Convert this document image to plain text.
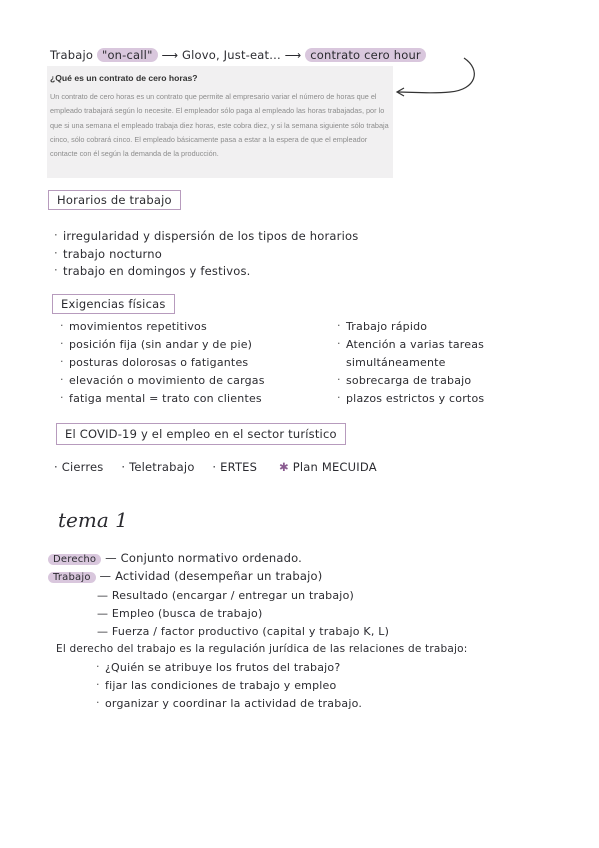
Trabajo "on-call" ⟶ Glovo, Just-eat... ⟶ contrato cero hour
¿Qué es un contrato de cero horas?
Un contrato de cero horas es un contrato que permite al empresario variar el número de horas que el empleado trabajará según lo necesite. El empleador sólo paga al empleado las horas trabajadas, por lo que si una semana el empleado trabaja diez horas, este cobra diez, y si la semana siguiente sólo trabaja cinco, sólo cobrará cinco. El empleado básicamente pasa a estar a la espera de que el empleador contacte con él según la demanda de la producción.
Horarios de trabajo
· irregularidad y dispersión de los tipos de horarios
· trabajo nocturno
· trabajo en domingos y festivos.
Exigencias físicas
· movimientos repetitivos
· posición fija (sin andar y de pie)
· posturas dolorosas o fatigantes
· elevación o movimiento de cargas
· fatiga mental = trato con clientes
· Trabajo rápido
· Atención a varias tareas simultáneamente
· sobrecarga de trabajo
· plazos estrictos y cortos
El COVID-19 y el empleo en el sector turístico
· Cierres · Teletrabajo · ERTES ✱ Plan MECUIDA
tema 1
Derecho — Conjunto normativo ordenado.
Trabajo — Actividad (desempeñar un trabajo)
— Resultado (encargar / entregar un trabajo)
— Empleo (busca de trabajo)
— Fuerza / factor productivo (capital y trabajo K, L)
El derecho del trabajo es la regulación jurídica de las relaciones de trabajo:
· ¿Quién se atribuye los frutos del trabajo?
· fijar las condiciones de trabajo y empleo
· organizar y coordinar la actividad de trabajo.
